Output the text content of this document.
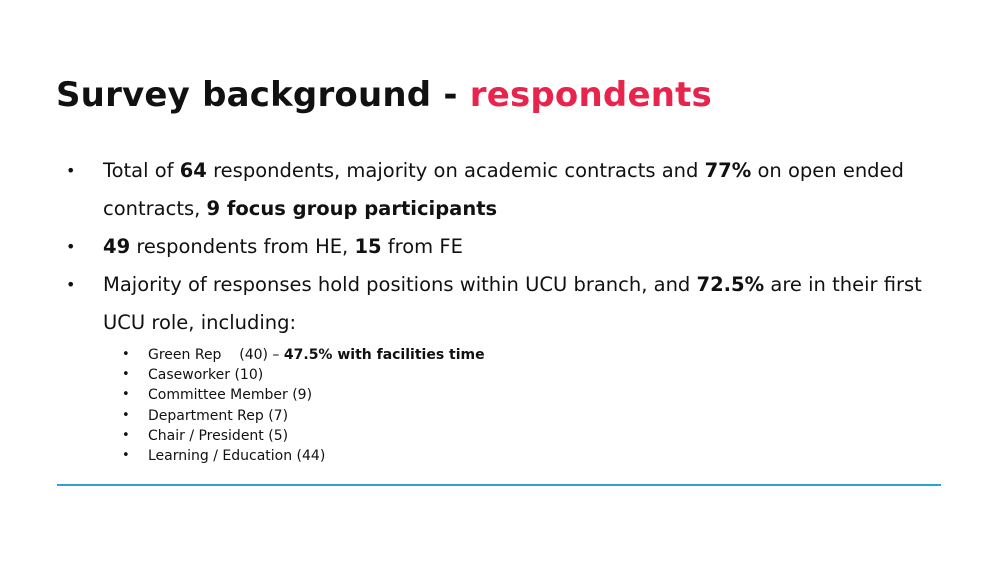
Survey background - respondents
• Total of 64 respondents, majority on academic contracts and 77% on open ended contracts, 9 focus group participants
• 49 respondents from HE, 15 from FE
• Majority of responses hold positions within UCU branch, and 72.5% are in their first UCU role, including:
• Green Rep    (40) – 47.5% with facilities time
• Caseworker (10)
• Committee Member (9)
• Department Rep (7)
• Chair / President (5)
• Learning / Education (44)
